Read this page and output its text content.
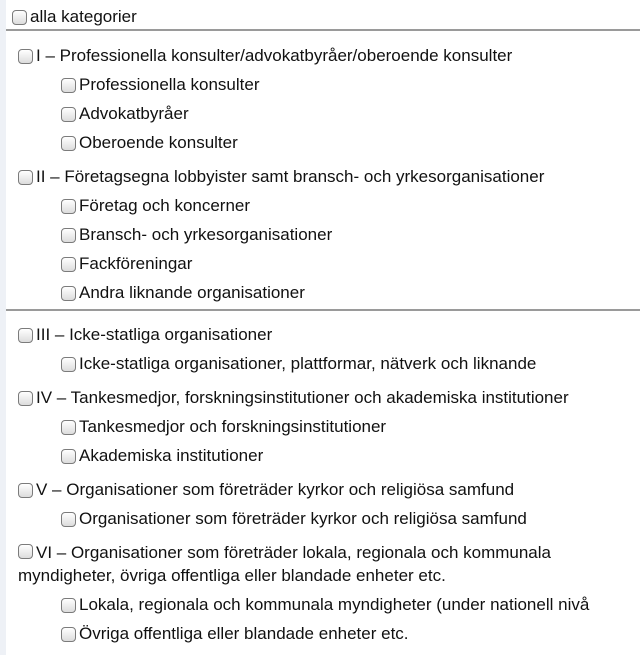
alla kategorier
I – Professionella konsulter/advokatbyråer/oberoende konsulter
Professionella konsulter
Advokatbyråer
Oberoende konsulter
II – Företagsegna lobbyister samt bransch- och yrkesorganisationer
Företag och koncerner
Bransch- och yrkesorganisationer
Fackföreningar
Andra liknande organisationer
III – Icke-statliga organisationer
Icke-statliga organisationer, plattformar, nätverk och liknande
IV – Tankesmedjor, forskningsinstitutioner och akademiska institutioner
Tankesmedjor och forskningsinstitutioner
Akademiska institutioner
V – Organisationer som företräder kyrkor och religiösa samfund
Organisationer som företräder kyrkor och religiösa samfund
VI – Organisationer som företräder lokala, regionala och kommunala myndigheter, övriga offentliga eller blandade enheter etc.
Lokala, regionala och kommunala myndigheter (under nationell nivå
Övriga offentliga eller blandade enheter etc.
